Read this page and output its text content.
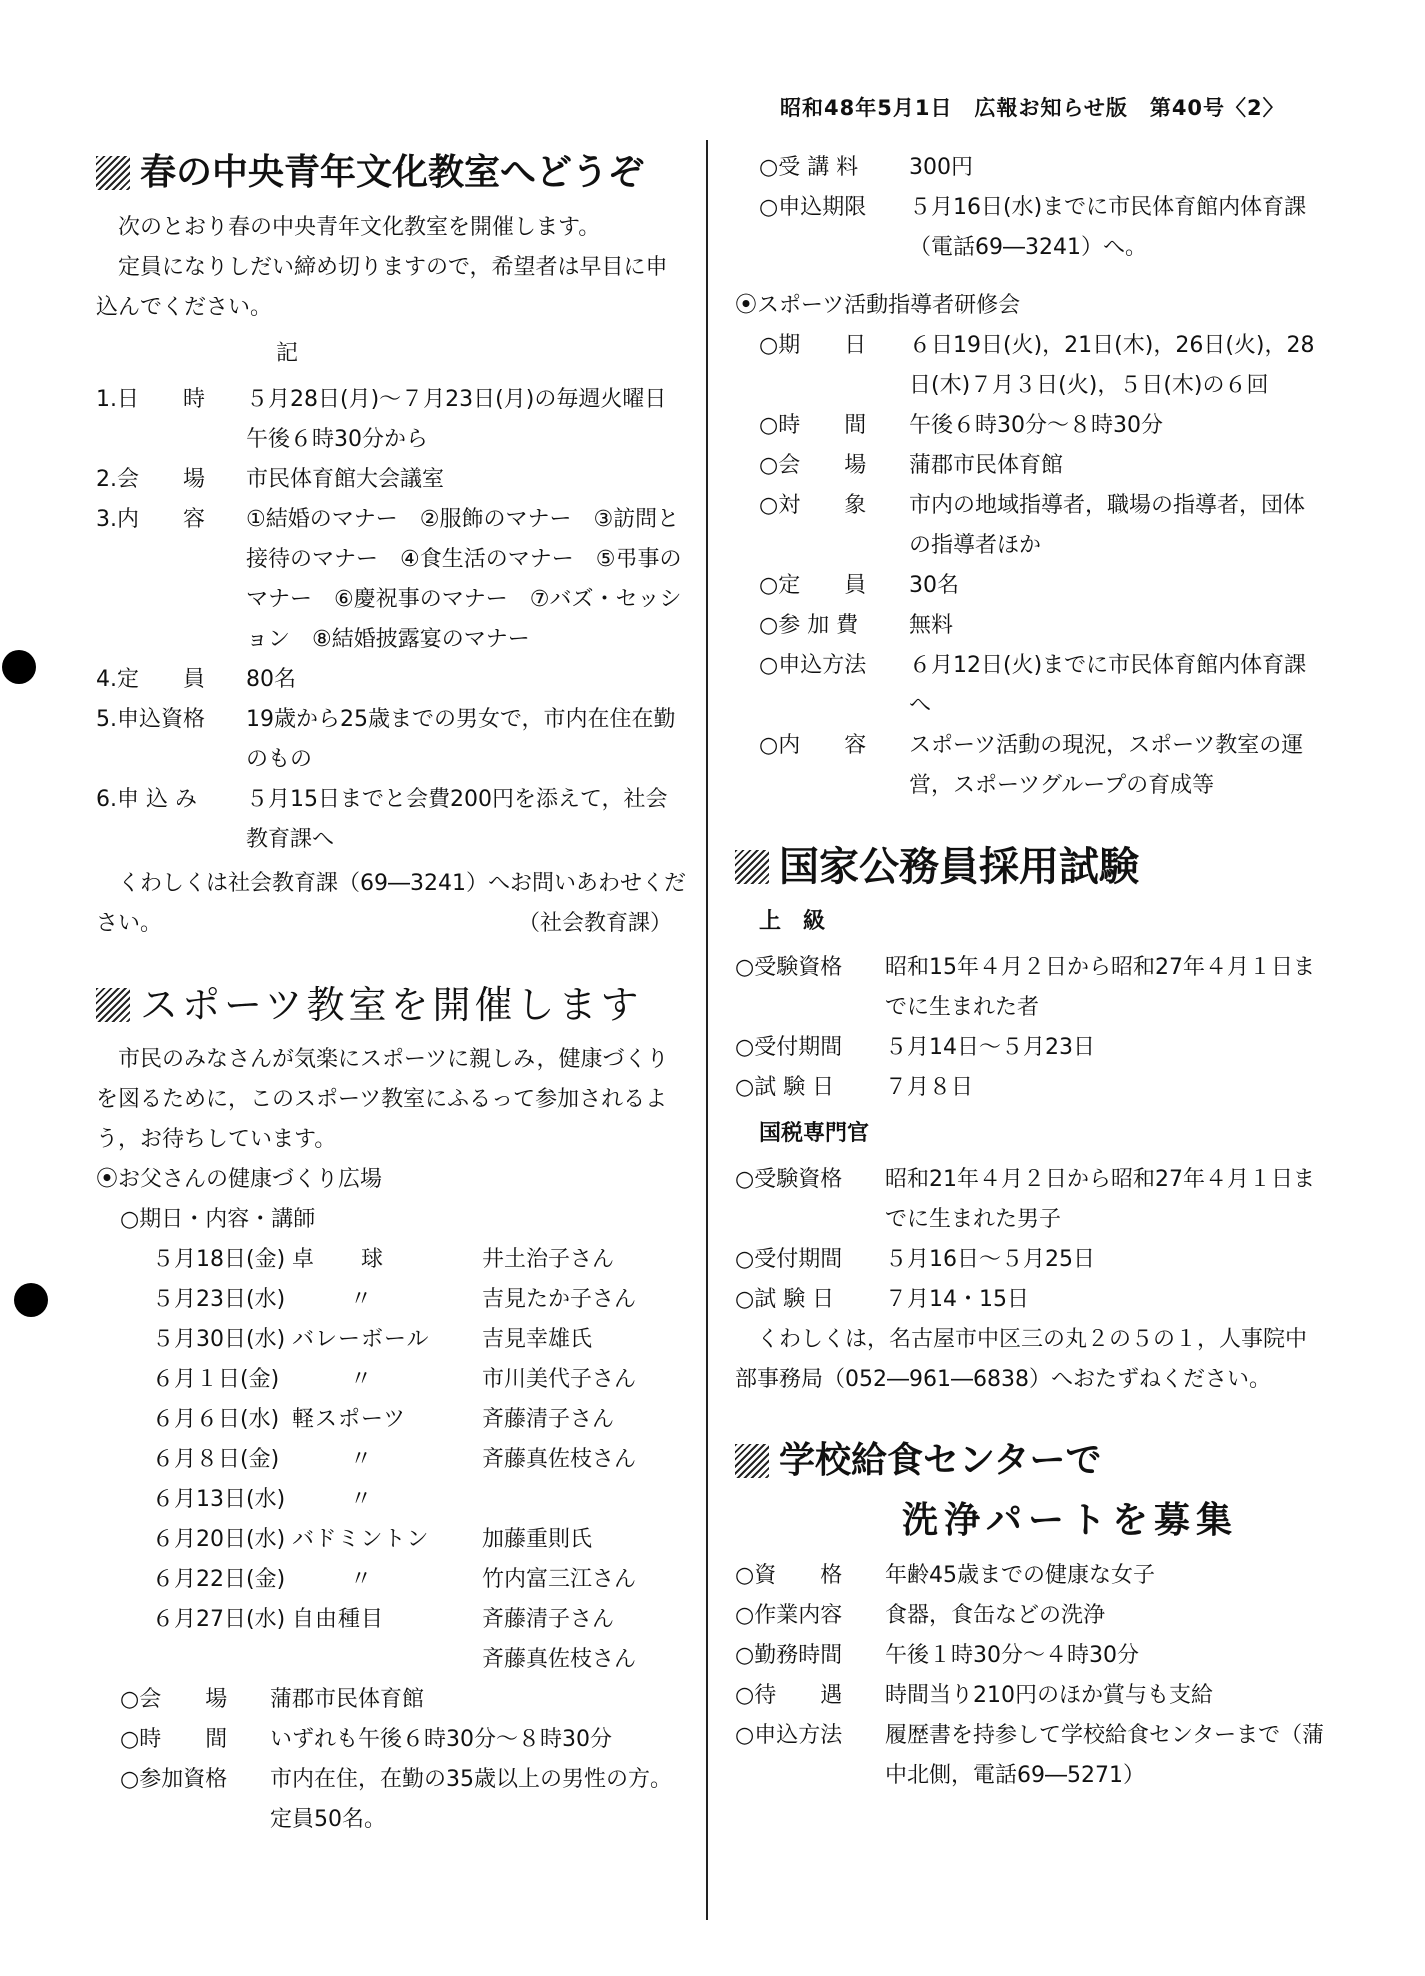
昭和48年5月1日　広報お知らせ版　第40号〈2〉
春の中央青年文化教室へどうぞ

次のとおり春の中央青年文化教室を開催します。

定員になりしだい締め切りますので，希望者は早目に申込んでください。

記

1.日　　時	５月28日(月)～７月23日(月)の毎週火曜日午後６時30分から
2.会　　場	市民体育館大会議室
3.内　　容	①結婚のマナー　②服飾のマナー　③訪問と接待のマナー　④食生活のマナー　⑤弔事のマナー　⑥慶祝事のマナー　⑦バズ・セッション　⑧結婚披露宴のマナー
4.定　　員	80名
5.申込資格	19歳から25歳までの男女で，市内在住在勤のもの
6.申 込 み	５月15日までと会費200円を添えて，社会教育課へ

くわしくは社会教育課（69―3241）へお問いあわせください。	（社会教育課）

スポーツ教室を開催します

市民のみなさんが気楽にスポーツに親しみ，健康づくりを図るために，このスポーツ教室にふるって参加されるよう，お待ちしています。

⦿お父さんの健康づくり広場

○期日・内容・講師

５月18日(金) 卓　　球	井土治子さん
５月23日(水)	〃	吉見たか子さん
５月30日(水) バレーボール	吉見幸雄氏
６月１日(金)	〃	市川美代子さん
６月６日(水) 軽スポーツ	斉藤清子さん
６月８日(金)	〃	斉藤真佐枝さん
６月13日(水)	〃
６月20日(水) バドミントン	加藤重則氏
６月22日(金)	〃	竹内富三江さん
６月27日(水) 自由種目	斉藤清子さん
斉藤真佐枝さん
○会　　場	蒲郡市民体育館
○時　　間	いずれも午後６時30分～８時30分
○参加資格	市内在住，在勤の35歳以上の男性の方。定員50名。
○受 講 料	300円
○申込期限	５月16日(水)までに市民体育館内体育課（電話69―3241）へ。

⦿スポーツ活動指導者研修会

○期　　日	６日19日(火)，21日(木)，26日(火)，28日(木)７月３日(火)，５日(木)の６回
○時　　間	午後６時30分～８時30分
○会　　場	蒲郡市民体育館
○対　　象	市内の地域指導者，職場の指導者，団体の指導者ほか
○定　　員	30名
○参 加 費	無料
○申込方法	６月12日(火)までに市民体育館内体育課へ
○内　　容	スポーツ活動の現況，スポーツ教室の運営，スポーツグループの育成等
国家公務員採用試験

上　級

○受験資格	昭和15年４月２日から昭和27年４月１日までに生まれた者
○受付期間	５月14日～５月23日
○試 験 日	７月８日

国税専門官

○受験資格	昭和21年４月２日から昭和27年４月１日までに生まれた男子
○受付期間	５月16日～５月25日
○試 験 日	７月14・15日

くわしくは，名古屋市中区三の丸２の５の１，人事院中部事務局（052―961―6838）へおたずねください。

学校給食センターで
洗浄パートを募集
○資　　格	年齢45歳までの健康な女子
○作業内容	食器，食缶などの洗浄
○勤務時間	午後１時30分～４時30分
○待　　遇	時間当り210円のほか賞与も支給
○申込方法	履歴書を持参して学校給食センターまで（蒲中北側，電話69―5271）
